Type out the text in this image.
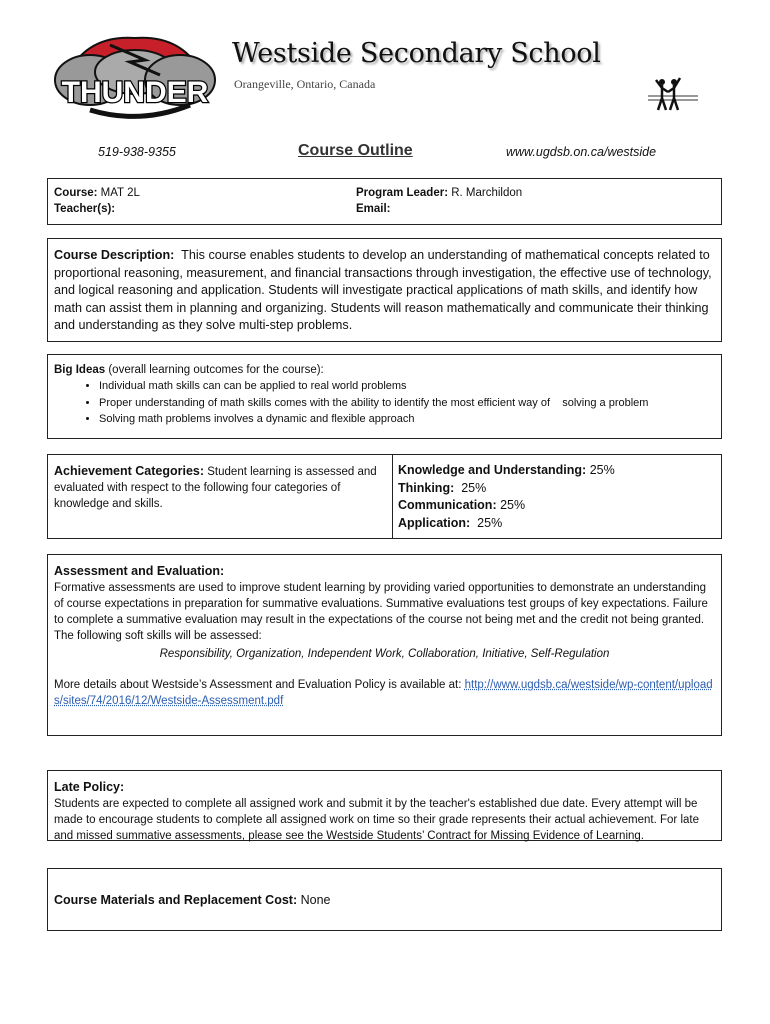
THUNDER
Westside Secondary School
Orangeville, Ontario, Canada
519-938-9355	Course Outline	www.ugdsb.on.ca/westside
Course: MAT 2L
Teacher(s):
Program Leader: R. Marchildon
Email:
Course Description: This course enables students to develop an understanding of mathematical concepts related to proportional reasoning, measurement, and financial transactions through investigation, the effective use of technology, and logical reasoning and application. Students will investigate practical applications of math skills, and identify how math can assist them in planning and organizing. Students will reason mathematically and communicate their thinking and understanding as they solve multi-step problems.
Big Ideas (overall learning outcomes for the course):
• Individual math skills can can be applied to real world problems
• Proper understanding of math skills comes with the ability to identify the most efficient way of    solving a problem
• Solving math problems involves a dynamic and flexible approach
Achievement Categories: Student learning is assessed and evaluated with respect to the following four categories of knowledge and skills.
Knowledge and Understanding: 25%
Thinking: 25%
Communication: 25%
Application: 25%
Assessment and Evaluation:
Formative assessments are used to improve student learning by providing varied opportunities to demonstrate an understanding of course expectations in preparation for summative evaluations. Summative evaluations test groups of key expectations. Failure to complete a summative evaluation may result in the expectations of the course not being met and the credit not being granted.
The following soft skills will be assessed:
Responsibility, Organization, Independent Work, Collaboration, Initiative, Self-Regulation
More details about Westside’s Assessment and Evaluation Policy is available at: http://www.ugdsb.ca/westside/wp-content/uploads/sites/74/2016/12/Westside-Assessment.pdf
Late Policy:
Students are expected to complete all assigned work and submit it by the teacher's established due date. Every attempt will be made to encourage students to complete all assigned work on time so their grade represents their actual achievement. For late and missed summative assessments, please see the Westside Students’ Contract for Missing Evidence of Learning.
Course Materials and Replacement Cost: None
